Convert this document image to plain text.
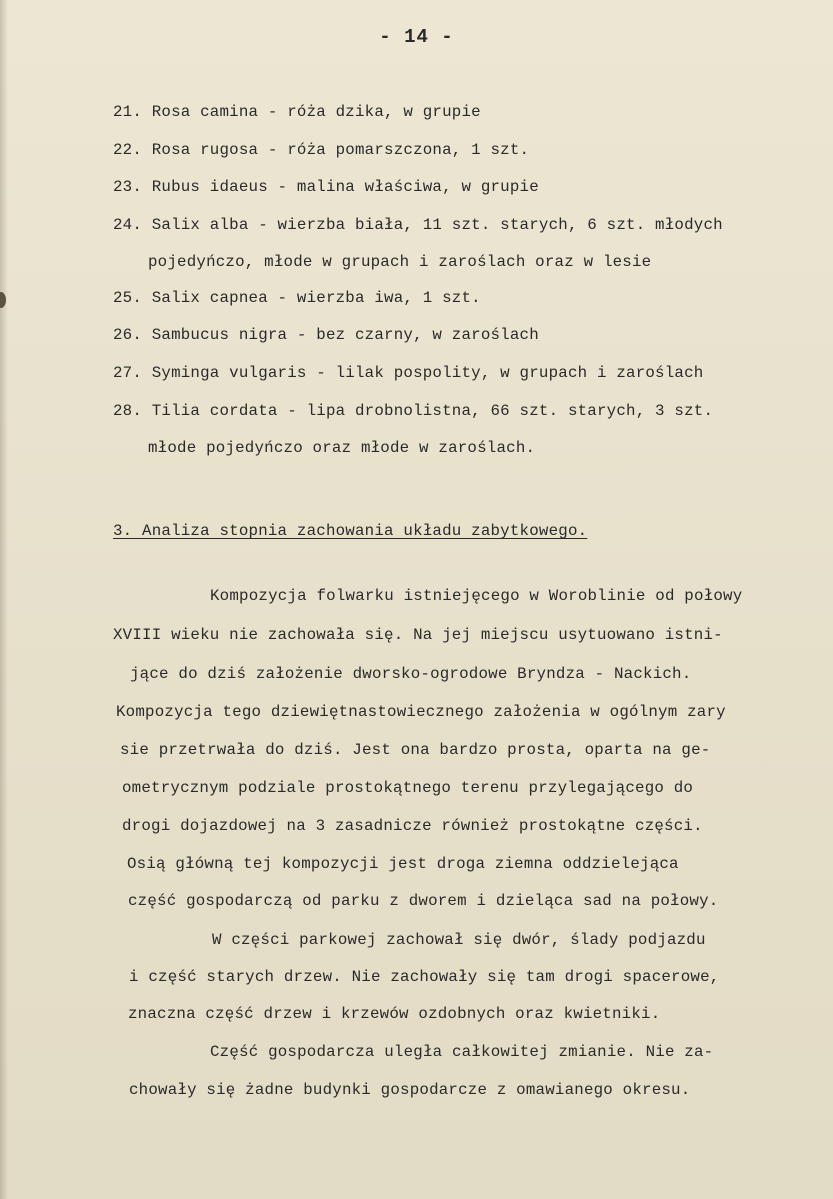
- 14 -
21. Rosa camina - róża dzika, w grupie
22. Rosa rugosa - róża pomarszczona, 1 szt.
23. Rubus idaeus - malina właściwa, w grupie
24. Salix alba - wierzba biała, 11 szt. starych, 6 szt. młodych
pojedyńczo, młode w grupach i zaroślach oraz w lesie
25. Salix capnea - wierzba iwa, 1 szt.
26. Sambucus nigra - bez czarny, w zaroślach
27. Syminga vulgaris - lilak pospolity, w grupach i zaroślach
28. Tilia cordata - lipa drobnolistna, 66 szt. starych, 3 szt.
młode pojedyńczo oraz młode w zaroślach.
3. Analiza stopnia zachowania układu zabytkowego.
Kompozycja folwarku istniejęcego w Woroblinie od połowy
XVIII wieku nie zachowała się. Na jej miejscu usytuowano istni-
jące do dziś założenie dworsko-ogrodowe Bryndza - Nackich.
Kompozycja tego dziewiętnastowiecznego założenia w ogólnym zary
sie przetrwała do dziś. Jest ona bardzo prosta, oparta na ge-
ometrycznym podziale prostokątnego terenu przylegającego do
drogi dojazdowej na 3 zasadnicze również prostokątne części.
Osią główną tej kompozycji jest droga ziemna oddzielejąca
część gospodarczą od parku z dworem i dzieląca sad na połowy.
W części parkowej zachował się dwór, ślady podjazdu
i część starych drzew. Nie zachowały się tam drogi spacerowe,
znaczna część drzew i krzewów ozdobnych oraz kwietniki.
Część gospodarcza uległa całkowitej zmianie. Nie za-
chowały się żadne budynki gospodarcze z omawianego okresu.
